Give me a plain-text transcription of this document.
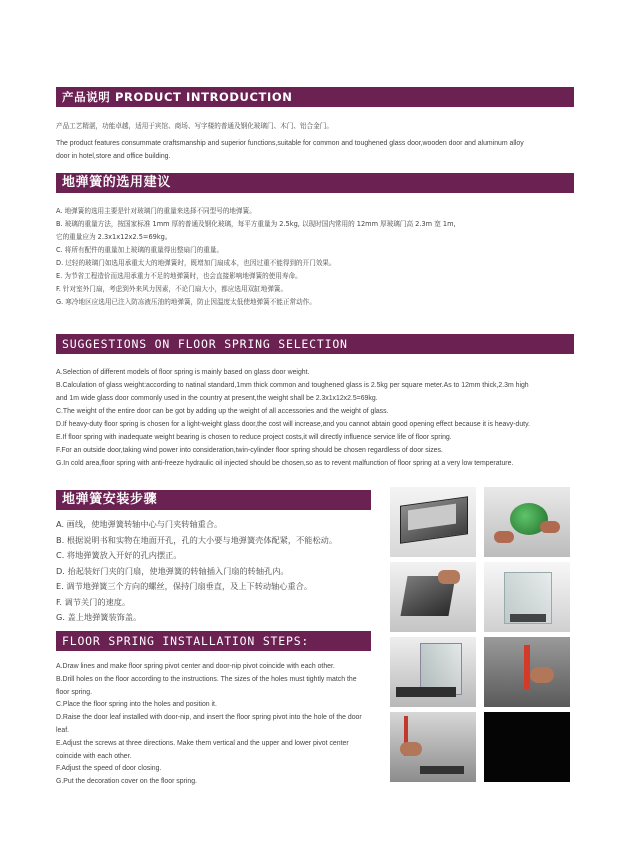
产品说明 PRODUCT INTRODUCTION

产品工艺精湛，功能卓越，适用于宾馆、商场、写字楼的普通及钢化玻璃门、木门、铝合金门。

The product features consummate craftsmanship and superior functions,suitable for common and toughened glass door,wooden door and aluminum alloy

door in hotel,store and office building.

地弹簧的选用建议

A. 地弹簧的选用主要是针对玻璃门的重量来选择不同型号的地弹簧。

B. 玻璃的重量方法，按国家标准 1mm 厚的普通及钢化玻璃，每平方重量为 2.5kg, 以现时国内常用的 12mm 厚玻璃门高 2.3m 宽 1m,

它的重量应为 2.3x1x12x2.5=69kg。

C. 将所有配件的重量加上玻璃的重量得出整扇门的重量。

D. 过轻的玻璃门如选用承重太大的地弹簧时，既增加门扇成本，也因过重不能得到的开门效果。

E. 为节省工程造价而选用承重力不足的地弹簧时，也会直接影响地弹簧的使用寿命。

F. 针对室外门扇，考虑到外来风力因素，不论门扇大小，都应选用双缸地弹簧。

G. 寒冷地区应选用已注入防冻液压油的地弹簧，防止因温度太低使地弹簧不能正常动作。

SUGGESTIONS ON FLOOR SPRING SELECTION

A.Selection of different models of floor spring is mainly based on glass door weight.

B.Calculation of glass weight:according to natinal standard,1mm thick common and toughened glass is 2.5kg per square meter.As to 12mm thick,2.3m high

and 1m wide glass door commonly used in the country at present,the weight shall be 2.3x1x12x2.5=69kg.

C.The weight of the entire door can be got by adding up the weight of all accessories and the weight of glass.

D.If heavy-duty floor spring is chosen for a light-weight glass door,the cost will increase,and you cannot abtain good opening effect because it is heavy-duty.

E.If floor spring with inadequate weight bearing is chosen to reduce project costs,it will directly influence service life of floor spring.

F.For an outside door,taking wind power into consideration,twin-cylinder floor spring should be chosen regardless of door sizes.

G.In cold area,floor spring with anti-freeze hydraulic oil injected should be chosen,so as to revent malfunction of floor spring at a very low temperature.

地弹簧安装步骤

A. 画线，使地弹簧转轴中心与门夹转轴重合。

B. 根据说明书和实物在地面开孔，孔的大小要与地弹簧壳体配紧，不能松动。

C. 将地弹簧放入开好的孔内摆正。

D. 抬起装好门夹的门扇，使地弹簧的转轴插入门扇的转轴孔内。

E. 调节地弹簧三个方向的螺丝，保持门扇垂直，及上下转动轴心重合。

F. 调节关门的速度。

G. 盖上地弹簧装饰盖。

FLOOR SPRING INSTALLATION STEPS:

A.Draw lines and make floor spring pivot center and door-nip pivot coincide with each other.

B.Drill holes on the floor according to the instructions. The sizes of the holes must tightly match the

floor spring.

C.Place the floor spring into the holes and position it.

D.Raise the door leaf installed with door-nip, and insert the floor spring pivot into the hole of the door

leaf.

E.Adjust the screws at three directions. Make them vertical and the upper and lower pivot center

coincide with each other.

F.Adjust the speed of door closing.

G.Put the decoration cover on the floor spring.
